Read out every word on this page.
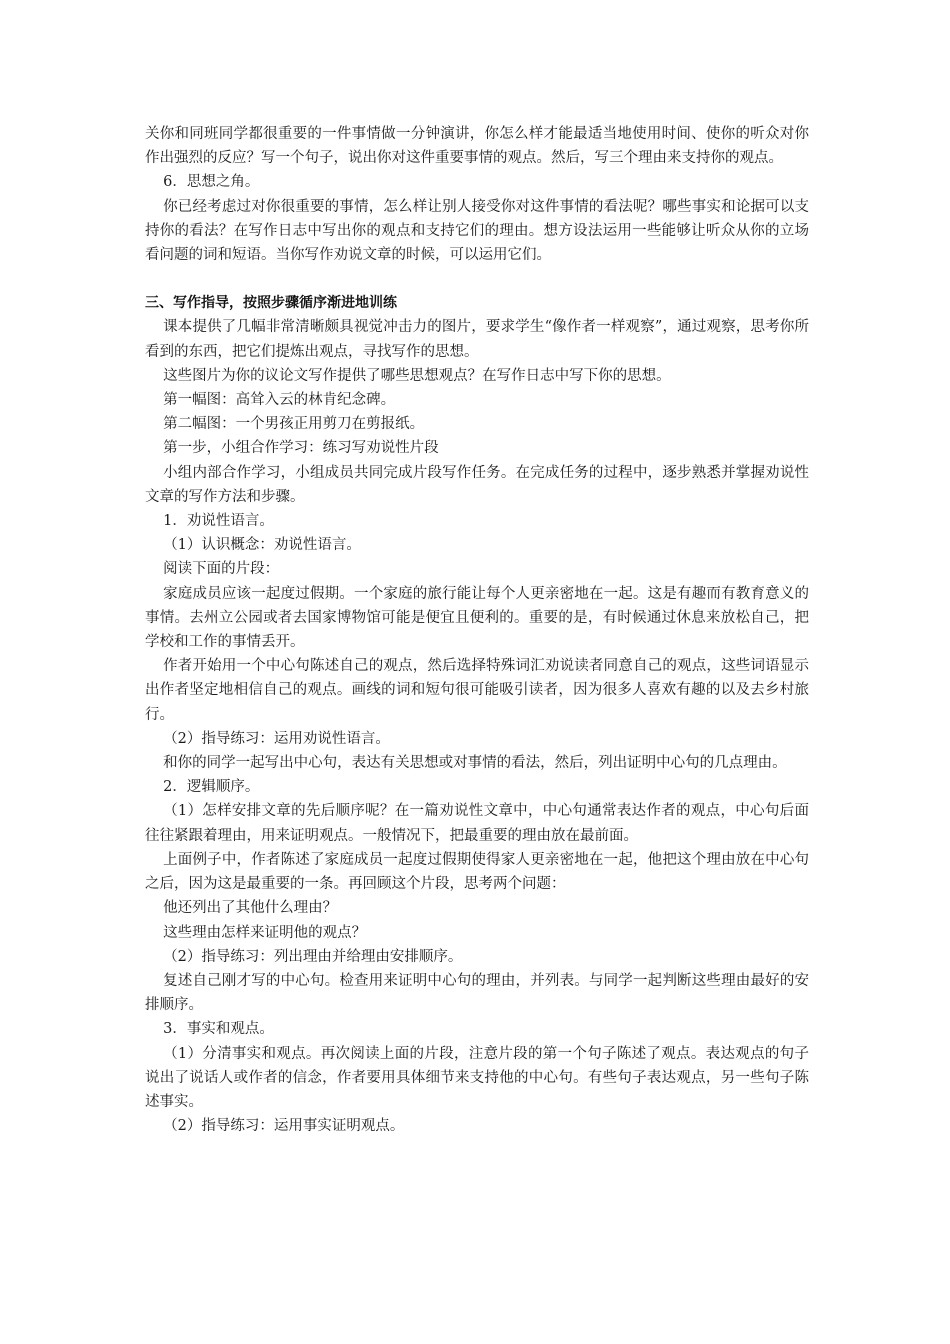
关你和同班同学都很重要的一件事情做一分钟演讲，你怎么样才能最适当地使用时间、使你的听众对你作出强烈的反应？写一个句子，说出你对这件重要事情的观点。然后，写三个理由来支持你的观点。

6．思想之角。

你已经考虑过对你很重要的事情，怎么样让别人接受你对这件事情的看法呢？哪些事实和论据可以支持你的看法？在写作日志中写出你的观点和支持它们的理由。想方设法运用一些能够让听众从你的立场看问题的词和短语。当你写作劝说文章的时候，可以运用它们。

三、写作指导，按照步骤循序渐进地训练

课本提供了几幅非常清晰颇具视觉冲击力的图片，要求学生“像作者一样观察”，通过观察，思考你所看到的东西，把它们提炼出观点，寻找写作的思想。

这些图片为你的议论文写作提供了哪些思想观点？在写作日志中写下你的思想。

第一幅图：高耸入云的林肯纪念碑。

第二幅图：一个男孩正用剪刀在剪报纸。

第一步，小组合作学习：练习写劝说性片段

小组内部合作学习，小组成员共同完成片段写作任务。在完成任务的过程中，逐步熟悉并掌握劝说性文章的写作方法和步骤。

1．劝说性语言。

（1）认识概念：劝说性语言。

阅读下面的片段：

家庭成员应该一起度过假期。一个家庭的旅行能让每个人更亲密地在一起。这是有趣而有教育意义的事情。去州立公园或者去国家博物馆可能是便宜且便利的。重要的是，有时候通过休息来放松自己，把学校和工作的事情丢开。

作者开始用一个中心句陈述自己的观点，然后选择特殊词汇劝说读者同意自己的观点，这些词语显示出作者坚定地相信自己的观点。画线的词和短句很可能吸引读者，因为很多人喜欢有趣的以及去乡村旅行。

（2）指导练习：运用劝说性语言。

和你的同学一起写出中心句，表达有关思想或对事情的看法，然后，列出证明中心句的几点理由。

2．逻辑顺序。

（1）怎样安排文章的先后顺序呢？在一篇劝说性文章中，中心句通常表达作者的观点，中心句后面往往紧跟着理由，用来证明观点。一般情况下，把最重要的理由放在最前面。

上面例子中，作者陈述了家庭成员一起度过假期使得家人更亲密地在一起，他把这个理由放在中心句之后，因为这是最重要的一条。再回顾这个片段，思考两个问题：

他还列出了其他什么理由？

这些理由怎样来证明他的观点？

（2）指导练习：列出理由并给理由安排顺序。

复述自己刚才写的中心句。检查用来证明中心句的理由，并列表。与同学一起判断这些理由最好的安排顺序。

3．事实和观点。

（1）分清事实和观点。再次阅读上面的片段，注意片段的第一个句子陈述了观点。表达观点的句子说出了说话人或作者的信念，作者要用具体细节来支持他的中心句。有些句子表达观点，另一些句子陈述事实。

（2）指导练习：运用事实证明观点。
